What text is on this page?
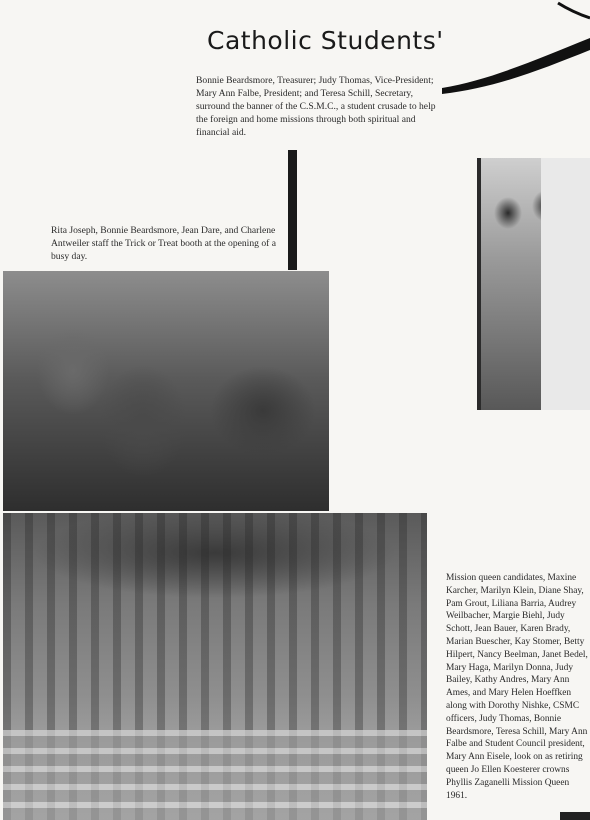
Catholic Students'
Bonnie Beardsmore, Treasurer; Judy Thomas, Vice-President; Mary Ann Falbe, President; and Teresa Schill, Secretary, surround the banner of the C.S.M.C., a student crusade to help the foreign and home missions through both spiritual and financial aid.
Rita Joseph, Bonnie Beardsmore, Jean Dare, and Charlene Antweiler staff the Trick or Treat booth at the opening of a busy day.
Mission queen candidates, Maxine Karcher, Marilyn Klein, Diane Shay, Pam Grout, Liliana Barria, Audrey Weilbacher, Margie Biehl, Judy Schott, Jean Bauer, Karen Brady, Marian Buescher, Kay Stomer, Betty Hilpert, Nancy Beelman, Janet Bedel, Mary Haga, Marilyn Donna, Judy Bailey, Kathy Andres, Mary Ann Ames, and Mary Helen Hoeffken along with Dorothy Nishke, CSMC officers, Judy Thomas, Bonnie Beardsmore, Teresa Schill, Mary Ann Falbe and Student Council president, Mary Ann Eisele, look on as retiring queen Jo Ellen Koesterer crowns Phyllis Zaganelli Mission Queen 1961.
